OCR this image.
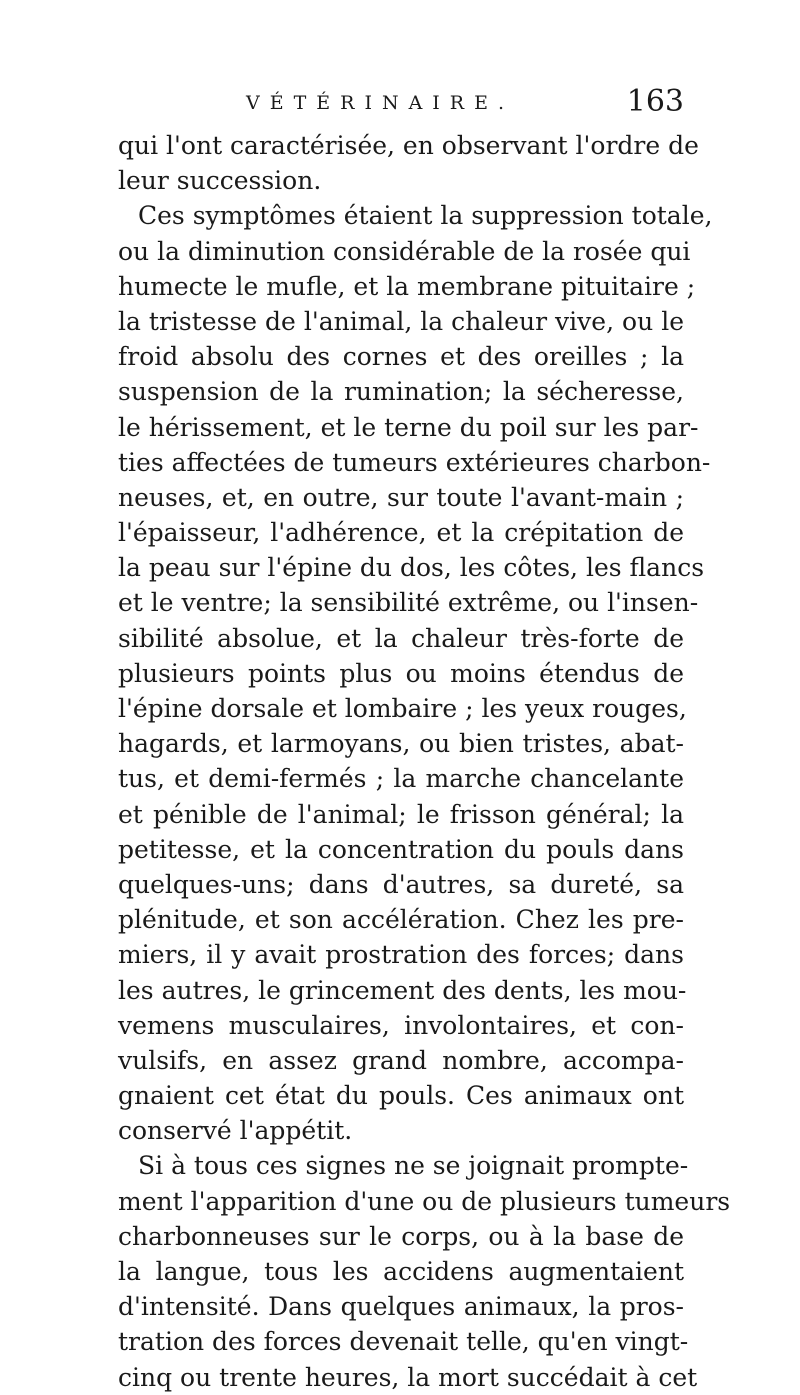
VÉTÉRINAIRE.	163
qui l'ont caractérisée, en observant l'ordre de
leur succession.
Ces symptômes étaient la suppression totale,
ou la diminution considérable de la rosée qui
humecte le mufle, et la membrane pituitaire ;
la tristesse de l'animal, la chaleur vive, ou le
froid absolu des cornes et des oreilles ; la
suspension de la rumination; la sécheresse,
le hérissement, et le terne du poil sur les par-
ties affectées de tumeurs extérieures charbon-
neuses, et, en outre, sur toute l'avant-main ;
l'épaisseur, l'adhérence, et la crépitation de
la peau sur l'épine du dos, les côtes, les flancs
et le ventre; la sensibilité extrême, ou l'insen-
sibilité absolue, et la chaleur très-forte de
plusieurs points plus ou moins étendus de
l'épine dorsale et lombaire ; les yeux rouges,
hagards, et larmoyans, ou bien tristes, abat-
tus, et demi-fermés ; la marche chancelante
et pénible de l'animal; le frisson général; la
petitesse, et la concentration du pouls dans
quelques-uns; dans d'autres, sa dureté, sa
plénitude, et son accélération. Chez les pre-
miers, il y avait prostration des forces; dans
les autres, le grincement des dents, les mou-
vemens musculaires, involontaires, et con-
vulsifs, en assez grand nombre, accompa-
gnaient cet état du pouls. Ces animaux ont
conservé l'appétit.
Si à tous ces signes ne se joignait prompte-
ment l'apparition d'une ou de plusieurs tumeurs
charbonneuses sur le corps, ou à la base de
la langue, tous les accidens augmentaient
d'intensité. Dans quelques animaux, la pros-
tration des forces devenait telle, qu'en vingt-
cinq ou trente heures, la mort succédait à cet
